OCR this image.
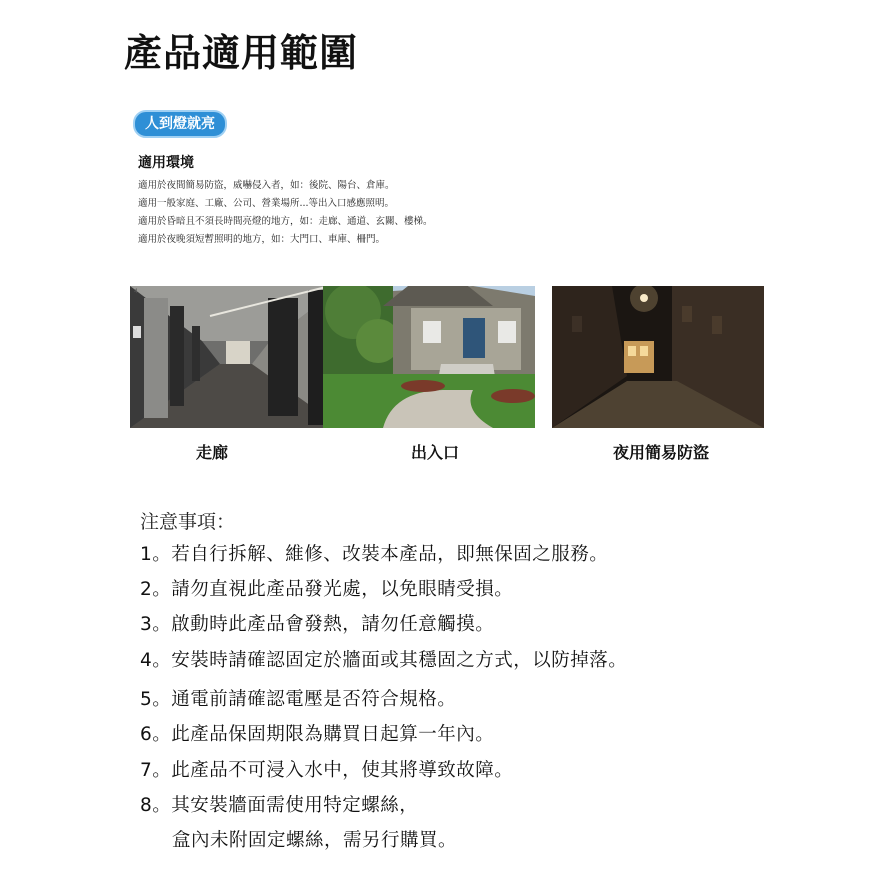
產品適用範圍
人到燈就亮
適用環境
適用於夜間簡易防盜，威嚇侵入者，如：後院、陽台、倉庫。
適用一般家庭、工廠、公司、營業場所...等出入口感應照明。
適用於昏暗且不須長時間亮燈的地方，如：走廊、通道、玄關、樓梯。
適用於夜晚須短暫照明的地方，如：大門口、車庫、柵門。
4
走廊	出入口	夜用簡易防盜
注意事項：
1。若自行拆解、維修、改裝本產品，即無保固之服務。
2。請勿直視此產品發光處，以免眼睛受損。
3。啟動時此產品會發熱，請勿任意觸摸。
4。安裝時請確認固定於牆面或其穩固之方式，以防掉落。
5。通電前請確認電壓是否符合規格。
6。此產品保固期限為購買日起算一年內。
7。此產品不可浸入水中，使其將導致故障。
8。其安裝牆面需使用特定螺絲，
盒內未附固定螺絲，需另行購買。
